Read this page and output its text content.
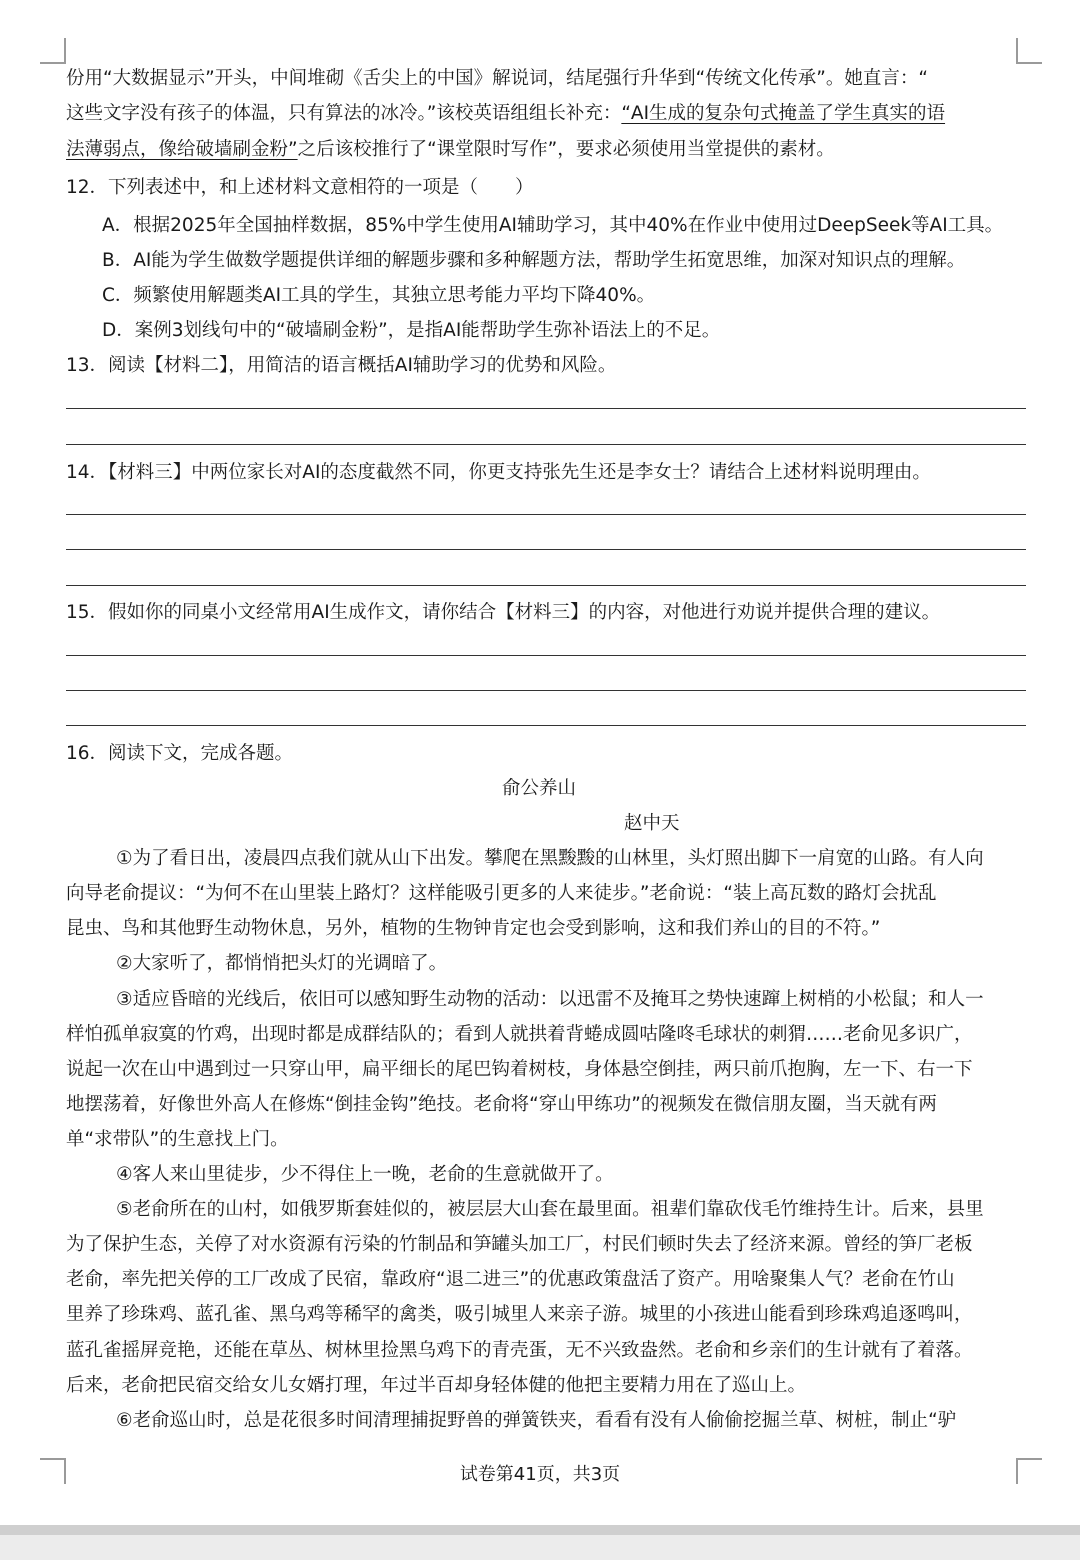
份用“大数据显示”开头，中间堆砌《舌尖上的中国》解说词，结尾强行升华到“传统文化传承”。她直言：“
这些文字没有孩子的体温，只有算法的冰冷。”该校英语组组长补充：“AI生成的复杂句式掩盖了学生真实的语
法薄弱点，像给破墙刷金粉”之后该校推行了“课堂限时写作”，要求必须使用当堂提供的素材。
12．下列表述中，和上述材料文意相符的一项是（　　）
A．根据2025年全国抽样数据，85%中学生使用AI辅助学习，其中40%在作业中使用过DeepSeek等AI工具。
B．AI能为学生做数学题提供详细的解题步骤和多种解题方法，帮助学生拓宽思维，加深对知识点的理解。
C．频繁使用解题类AI工具的学生，其独立思考能力平均下降40%。
D．案例3划线句中的“破墙刷金粉”，是指AI能帮助学生弥补语法上的不足。
13．阅读【材料二】，用简洁的语言概括AI辅助学习的优势和风险。
14．【材料三】中两位家长对AI的态度截然不同，你更支持张先生还是李女士？请结合上述材料说明理由。
15．假如你的同桌小文经常用AI生成作文，请你结合【材料三】的内容，对他进行劝说并提供合理的建议。
16．阅读下文，完成各题。
俞公养山
赵中天
①为了看日出，凌晨四点我们就从山下出发。攀爬在黑黢黢的山林里，头灯照出脚下一肩宽的山路。有人向
向导老俞提议：“为何不在山里装上路灯？这样能吸引更多的人来徒步。”老俞说：“装上高瓦数的路灯会扰乱
昆虫、鸟和其他野生动物休息，另外，植物的生物钟肯定也会受到影响，这和我们养山的目的不符。”
②大家听了，都悄悄把头灯的光调暗了。
③适应昏暗的光线后，依旧可以感知野生动物的活动：以迅雷不及掩耳之势快速蹿上树梢的小松鼠；和人一
样怕孤单寂寞的竹鸡，出现时都是成群结队的；看到人就拱着背蜷成圆咕隆咚毛球状的刺猬……老俞见多识广，
说起一次在山中遇到过一只穿山甲，扁平细长的尾巴钩着树枝，身体悬空倒挂，两只前爪抱胸，左一下、右一下
地摆荡着，好像世外高人在修炼“倒挂金钩”绝技。老俞将“穿山甲练功”的视频发在微信朋友圈，当天就有两
单“求带队”的生意找上门。
④客人来山里徒步，少不得住上一晚，老俞的生意就做开了。
⑤老俞所在的山村，如俄罗斯套娃似的，被层层大山套在最里面。祖辈们靠砍伐毛竹维持生计。后来，县里
为了保护生态，关停了对水资源有污染的竹制品和笋罐头加工厂，村民们顿时失去了经济来源。曾经的笋厂老板
老俞，率先把关停的工厂改成了民宿，靠政府“退二进三”的优惠政策盘活了资产。用啥聚集人气？老俞在竹山
里养了珍珠鸡、蓝孔雀、黑乌鸡等稀罕的禽类，吸引城里人来亲子游。城里的小孩进山能看到珍珠鸡追逐鸣叫，
蓝孔雀摇屏竞艳，还能在草丛、树林里捡黑乌鸡下的青壳蛋，无不兴致盎然。老俞和乡亲们的生计就有了着落。
后来，老俞把民宿交给女儿女婿打理，年过半百却身轻体健的他把主要精力用在了巡山上。
⑥老俞巡山时，总是花很多时间清理捕捉野兽的弹簧铁夹，看看有没有人偷偷挖掘兰草、树桩，制止“驴
试卷第41页，共3页
